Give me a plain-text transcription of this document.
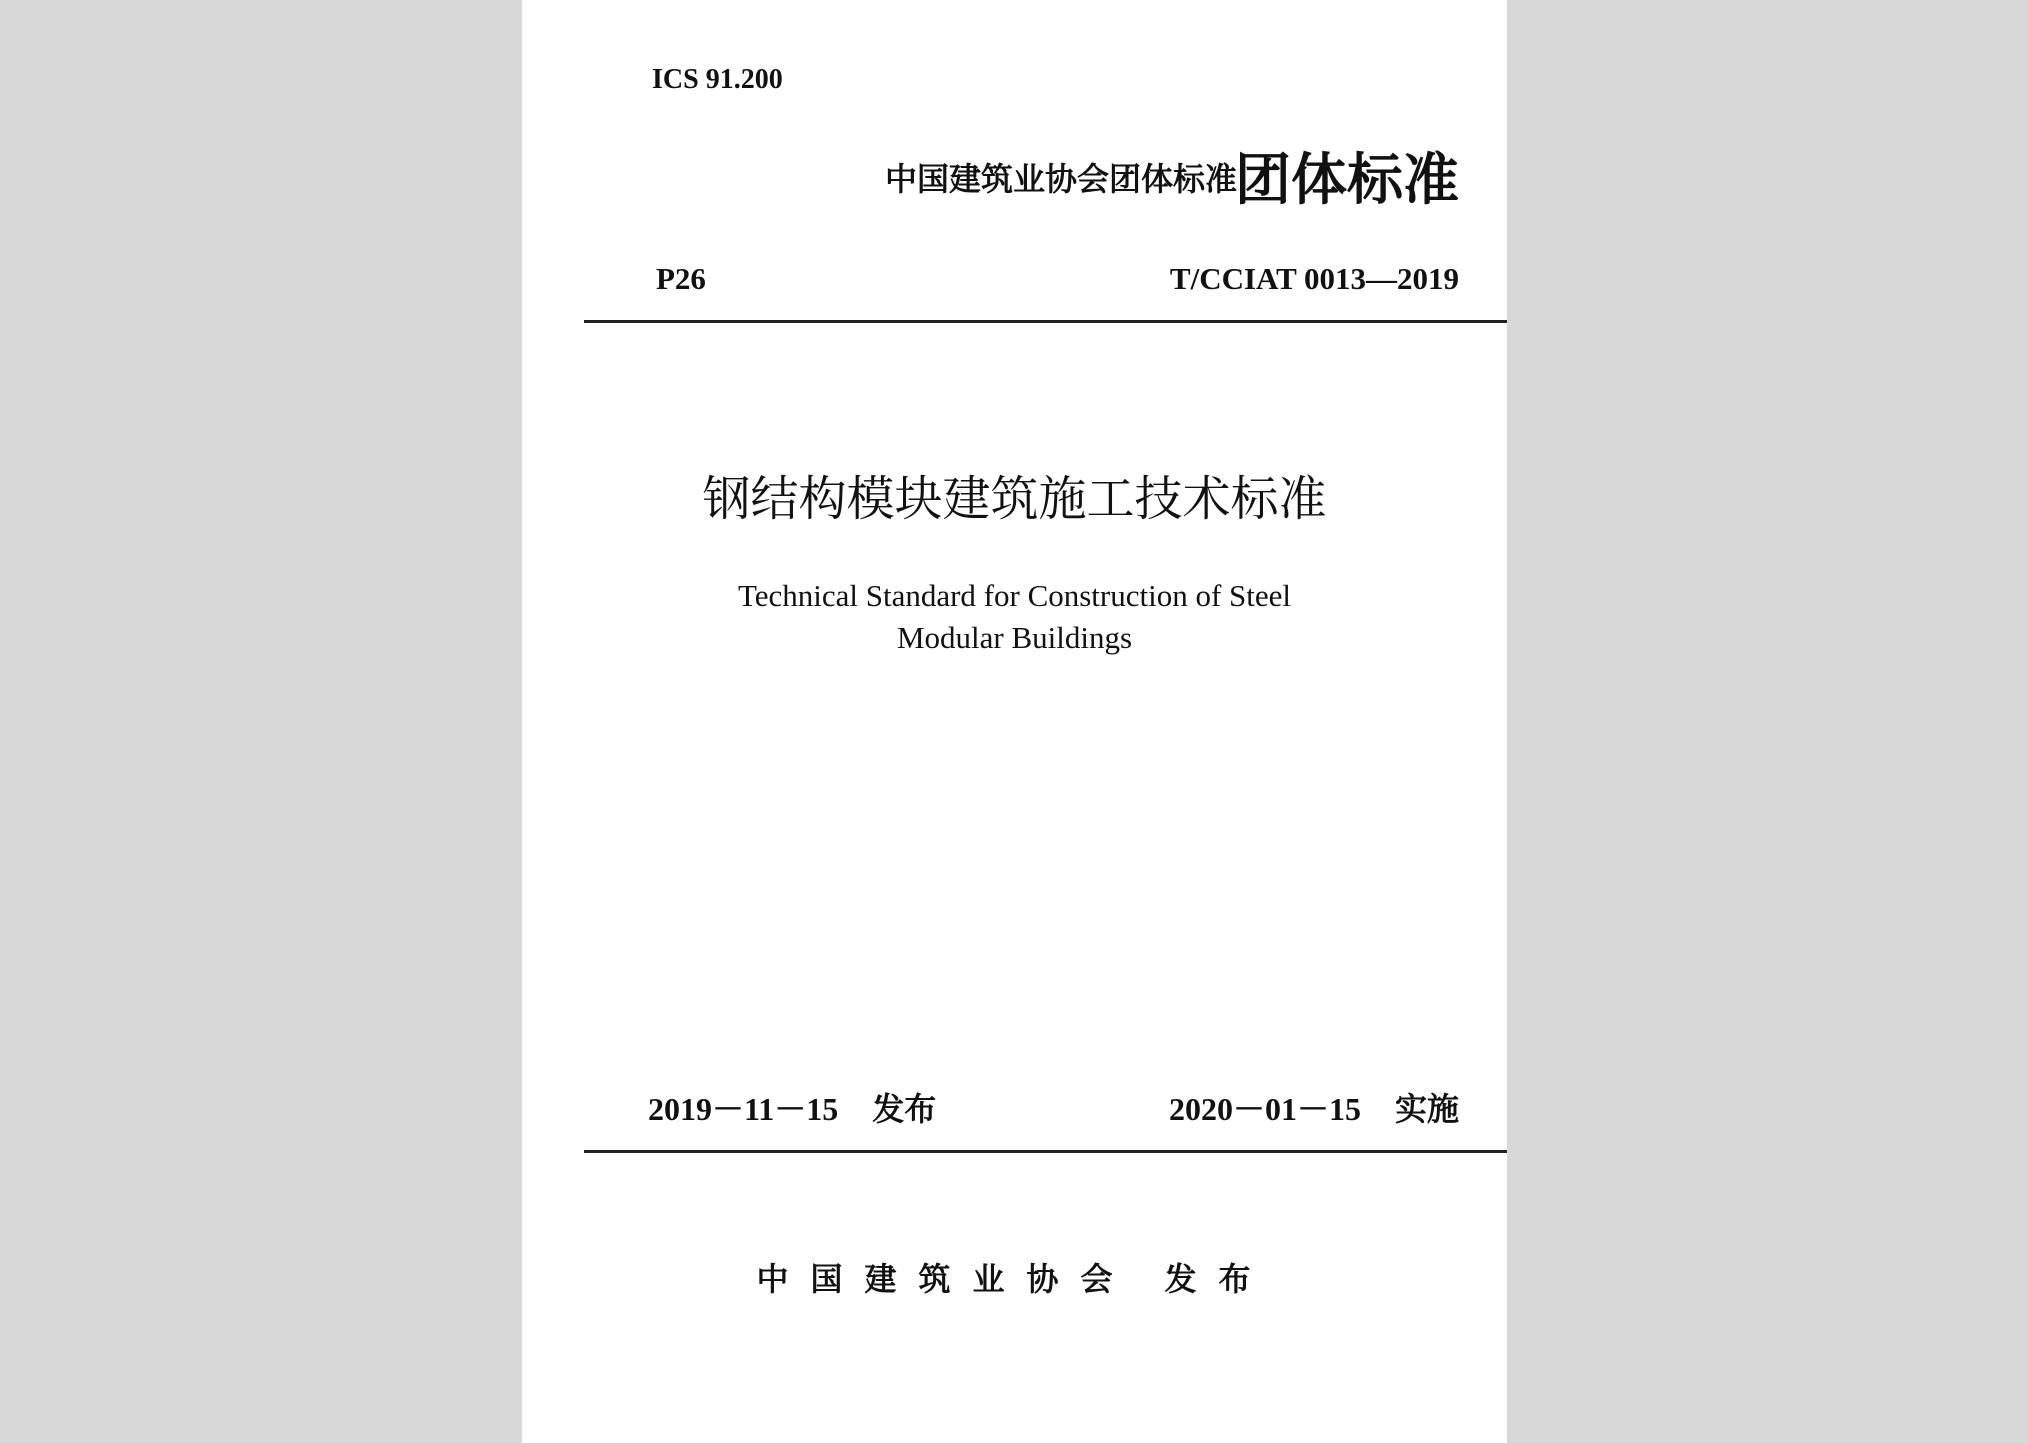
ICS 91.200
中国建筑业协会团体标准
团体标准
P26	T/CCIAT 0013—2019
钢结构模块建筑施工技术标准
Technical Standard for Construction of Steel
Modular Buildings
2019－11－15 发布	2020－01－15 实施
中国建筑业协会 发布
